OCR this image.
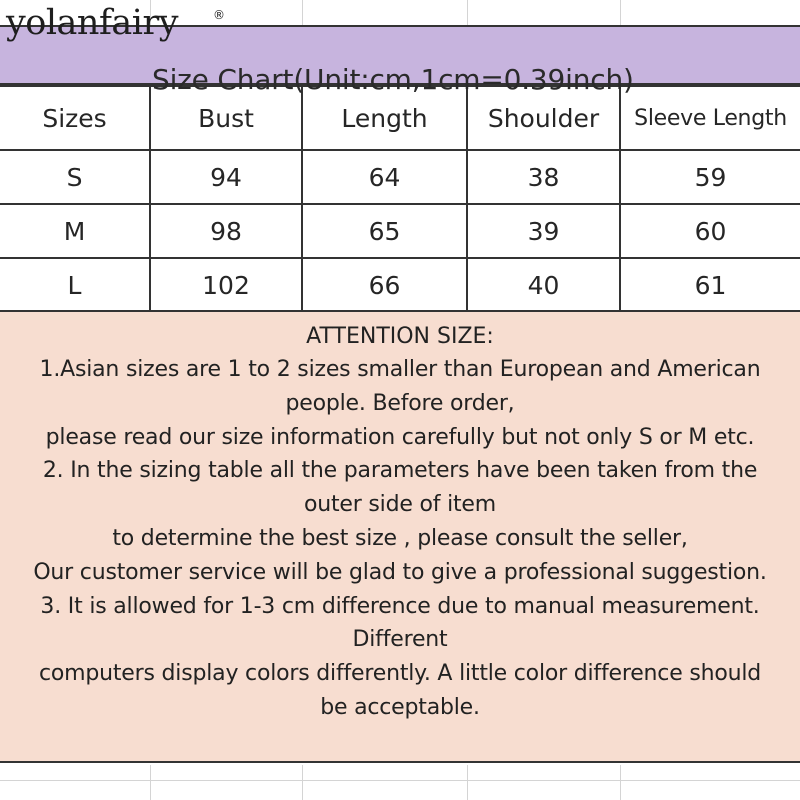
Size Chart(Unit:cm,1cm=0.39inch)
yolanfairy	®
Sizes	Bust	Length	Shoulder	Sleeve Length
S	94	64	38	59
M	98	65	39	60
L	102	66	40	61
ATTENTION SIZE:
1.Asian sizes are 1 to 2 sizes smaller than European and American
people. Before order,
please read our size information carefully but not only S or M etc.
2. In the sizing table all the parameters have been taken from the
outer side of item
to determine the best size , please consult the seller,
Our customer service will be glad to give a professional suggestion.
3. It is allowed for 1-3 cm difference due to manual measurement.
Different
computers display colors differently. A little color difference should
be acceptable.
